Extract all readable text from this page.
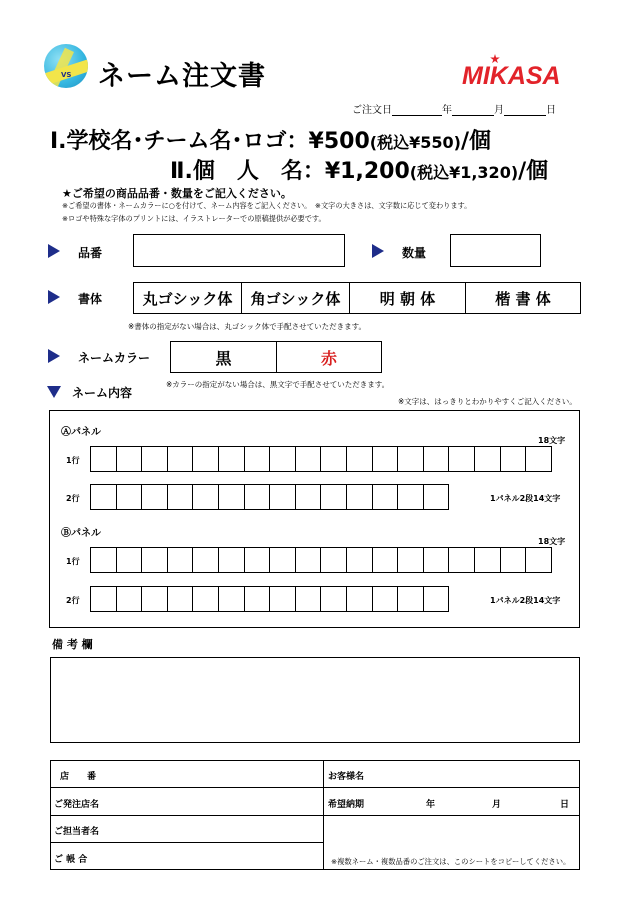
VS ネーム注文書	MIKASA
ご注文日	年	月	日
Ⅰ.学校名･チーム名･ロゴ：¥500(税込¥550)/個
Ⅱ.個　人　名：¥1,200(税込¥1,320)/個
★ご希望の商品品番・数量をご記入ください。
※ご希望の書体・ネームカラーに○を付けて、ネーム内容をご記入ください。　※文字の大きさは、文字数に応じて変わります。
※ロゴや特殊な字体のプリントには、イラストレーターでの原稿提供が必要です。
品番	数量
書体	丸ゴシック体	角ゴシック体	明 朝 体	楷 書 体
※書体の指定がない場合は、丸ゴシック体で手配させていただきます。
ネームカラー	黒	赤
※カラーの指定がない場合は、黒文字で手配させていただきます。
ネーム内容
※文字は、はっきりとわかりやすくご記入ください。
Ⓐパネル
18文字
1行
2行	1パネル2段14文字
Ⓑパネル
18文字
1行
2行	1パネル2段14文字
備 考 欄
店　　番	お客様名
ご発注店名	希望納期	年	月	日
ご担当者名
ご 帳 合	※複数ネーム・複数品番のご注文は、このシートをコピーしてください。
